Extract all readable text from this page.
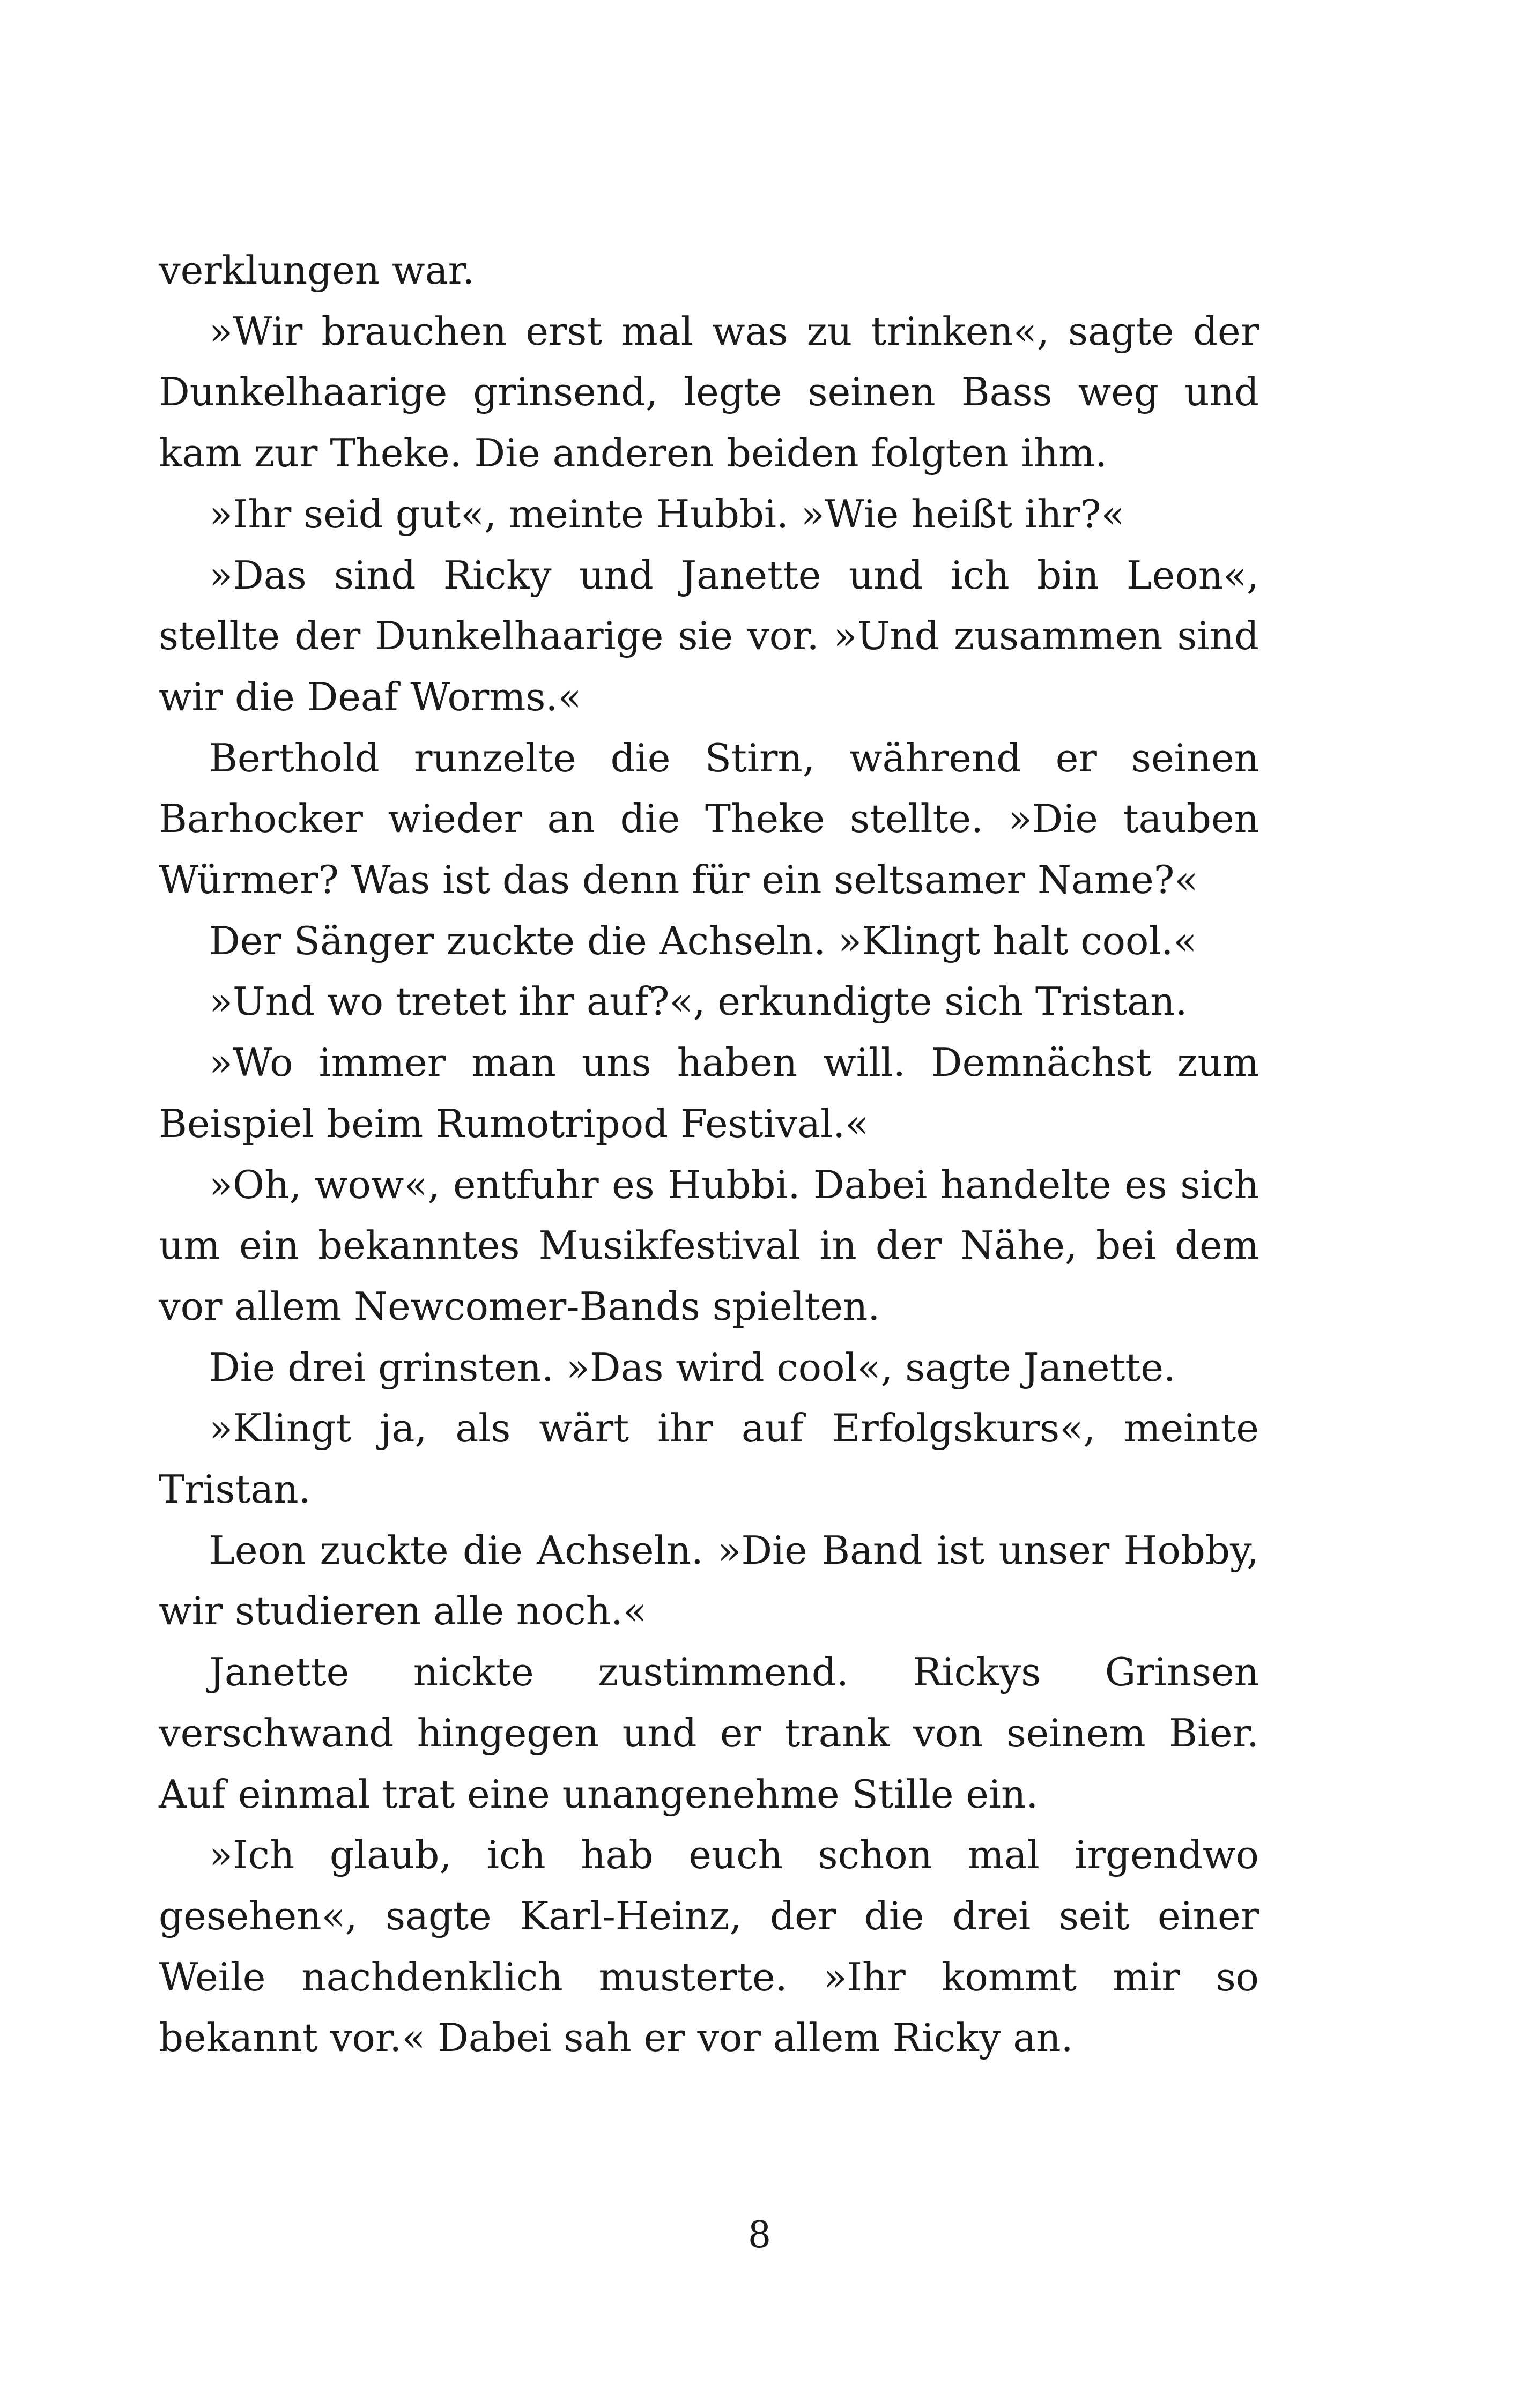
verklungen war.

»Wir brauchen erst mal was zu trinken«, sagte der Dunkelhaarige grinsend, legte seinen Bass weg und kam zur Theke. Die anderen beiden folgten ihm.

»Ihr seid gut«, meinte Hubbi. »Wie heißt ihr?«

»Das sind Ricky und Janette und ich bin Leon«, stellte der Dunkelhaarige sie vor. »Und zusammen sind wir die Deaf Worms.«

Berthold runzelte die Stirn, während er seinen Barhocker wieder an die Theke stellte. »Die tauben Würmer? Was ist das denn für ein seltsamer Name?«

Der Sänger zuckte die Achseln. »Klingt halt cool.«

»Und wo tretet ihr auf?«, erkundigte sich Tristan.

»Wo immer man uns haben will. Demnächst zum Beispiel beim Rumotripod Festival.«

»Oh, wow«, entfuhr es Hubbi. Dabei handelte es sich um ein bekanntes Musikfestival in der Nähe, bei dem vor allem Newcomer-Bands spielten.

Die drei grinsten. »Das wird cool«, sagte Janette.

»Klingt ja, als wärt ihr auf Erfolgskurs«, meinte Tristan.

Leon zuckte die Achseln. »Die Band ist unser Hobby, wir studieren alle noch.«

Janette nickte zustimmend. Rickys Grinsen verschwand hingegen und er trank von seinem Bier. Auf einmal trat eine unangenehme Stille ein.

»Ich glaub, ich hab euch schon mal irgendwo gesehen«, sagte Karl-Heinz, der die drei seit einer Weile nachdenklich musterte. »Ihr kommt mir so bekannt vor.« Dabei sah er vor allem Ricky an.

8
